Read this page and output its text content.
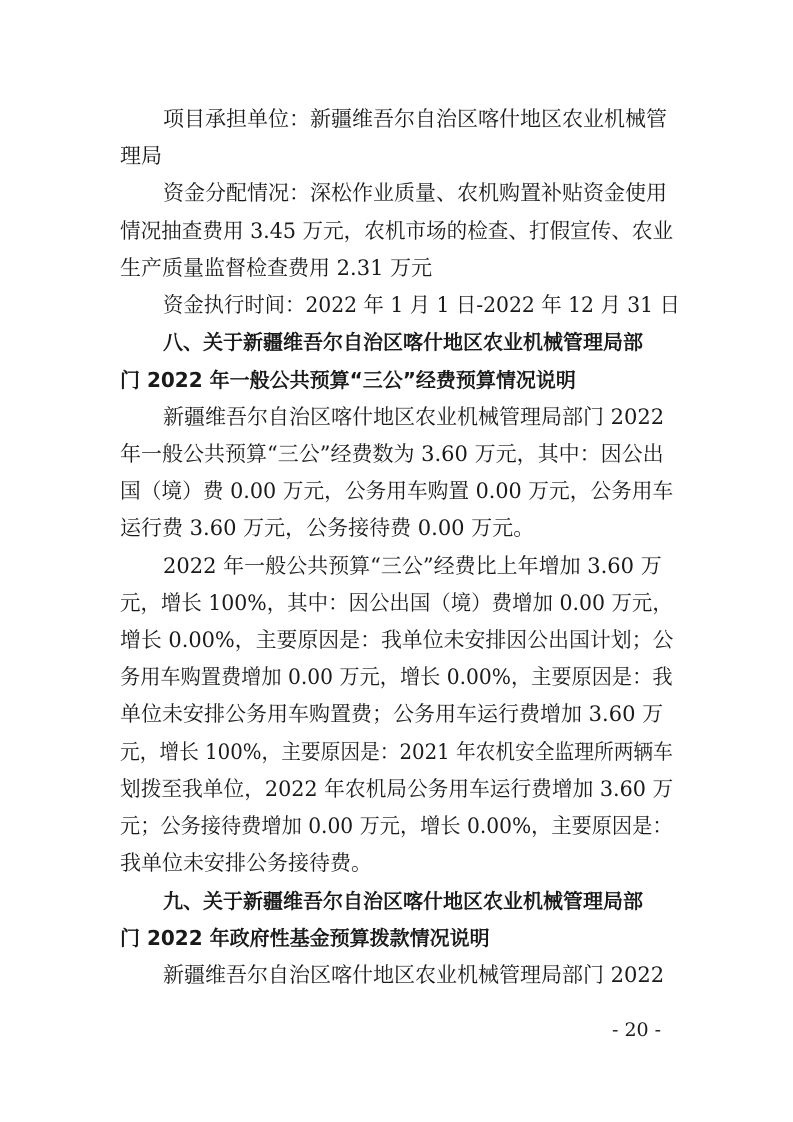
项目承担单位：新疆维吾尔自治区喀什地区农业机械管
理局
资金分配情况：深松作业质量、农机购置补贴资金使用
情况抽查费用 3.45 万元，农机市场的检查、打假宣传、农业
生产质量监督检查费用 2.31 万元
资金执行时间：2022 年 1 月 1 日-2022 年 12 月 31 日
八、关于新疆维吾尔自治区喀什地区农业机械管理局部
门 2022 年一般公共预算“三公”经费预算情况说明
新疆维吾尔自治区喀什地区农业机械管理局部门 2022
年一般公共预算“三公”经费数为 3.60 万元，其中：因公出
国（境）费 0.00 万元，公务用车购置 0.00 万元，公务用车
运行费 3.60 万元，公务接待费 0.00 万元。
2022 年一般公共预算“三公”经费比上年增加 3.60 万
元，增长 100%，其中：因公出国（境）费增加 0.00 万元，
增长 0.00%，主要原因是：我单位未安排因公出国计划；公
务用车购置费增加 0.00 万元，增长 0.00%，主要原因是：我
单位未安排公务用车购置费；公务用车运行费增加 3.60 万
元，增长 100%，主要原因是：2021 年农机安全监理所两辆车
划拨至我单位，2022 年农机局公务用车运行费增加 3.60 万
元；公务接待费增加 0.00 万元，增长 0.00%，主要原因是：
我单位未安排公务接待费。
九、关于新疆维吾尔自治区喀什地区农业机械管理局部
门 2022 年政府性基金预算拨款情况说明
新疆维吾尔自治区喀什地区农业机械管理局部门 2022
- 20 -
